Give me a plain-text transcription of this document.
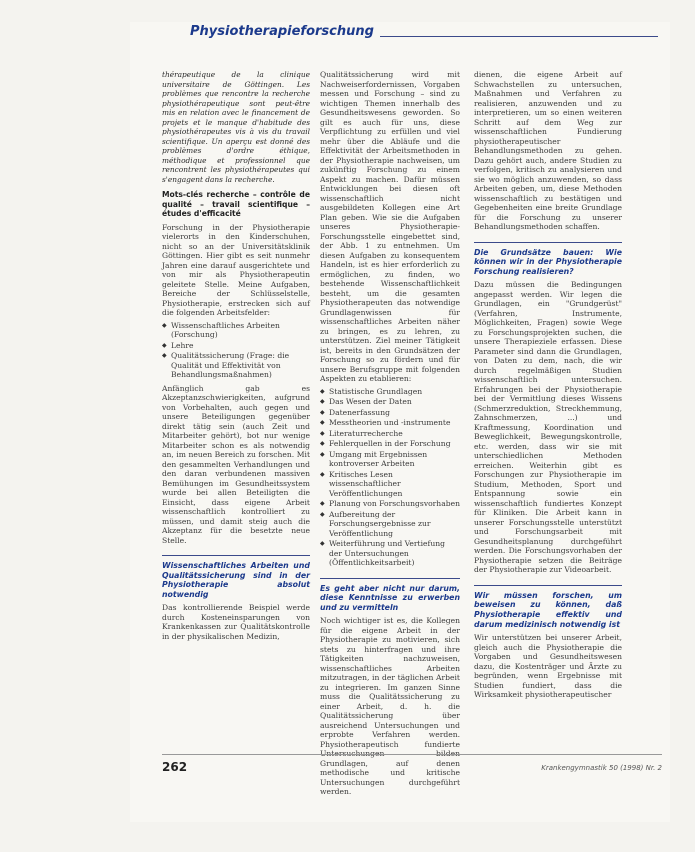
Physiotherapieforschung

thérapeutique de la clinique universitaire de Göttingen. Les problèmes que rencontre la recherche physiothérapeutique sont peut-être mis en relation avec le financement de projets et le manque d'habitude des physiothérapeutes vis à vis du travail scientifique. Un aperçu est donné des problèmes d'ordre éthique, méthodique et professionnel que rencontrent les physiothérapeutes qui s'engagent dans la recherche.

Mots-clés recherche – contrôle de qualité – travail scientifique – études d'efficacité

Forschung in der Physiotherapie vielerorts in den Kinderschuhen, nicht so an der Universitätsklinik Göttingen. Hier gibt es seit nunmehr Jahren eine darauf ausgerichtete und von mir als Physiotherapeutin geleitete Stelle. Meine Aufgaben, Bereiche der Schlüsselstelle, Physiotherapie, erstrecken sich auf die folgenden Arbeitsfelder:

◆ Wissenschaftliches Arbeiten (Forschung)
◆ Lehre
◆ Qualitätssicherung (Frage: die Qualität und Effektivität von Behandlungsmaßnahmen)

Anfänglich gab es Akzeptanzschwierigkeiten, aufgrund von Vorbehalten, auch gegen und unsere Beteiligungen gegenüber direkt tätig sein (auch Zeit und Mitarbeiter gehört), bot nur wenige Mitarbeiter schon es als notwendig an, im neuen Bereich zu forschen. Mit den gesammelten Verhandlungen und den daran verbundenen massiven Bemühungen im Gesundheitssystem wurde bei allen Beteiligten die Einsicht, dass eigene Arbeit wissenschaftlich kontrolliert zu müssen, und damit steig auch die Akzeptanz für die besetzte neue Stelle.

Wissenschaftliches Arbeiten und Qualitätssicherung sind in der Physiotherapie absolut notwendig

Das kontrollierende Beispiel werde durch Kosteneinsparungen von Krankenkassen zur Qualitätskontrolle in der physikalischen Medizin,

Qualitätssicherung wird mit Nachweiserfordernissen, Vorgaben messen und Forschung – sind zu wichtigen Themen innerhalb des Gesundheitswesens geworden. So gilt es auch für uns, diese Verpflichtung zu erfüllen und viel mehr über die Abläufe und die Effektivität der Arbeitsmethoden in der Physiotherapie nachweisen, um zukünftig Forschung zu einem Aspekt zu machen. Dafür müssen Entwicklungen bei diesen oft wissenschaftlich nicht ausgebildeten Kollegen eine Art Plan geben. Wie sie die Aufgaben unseres Physiotherapie-Forschungsstelle eingebettet sind, der Abb. 1 zu entnehmen. Um diesen Aufgaben zu konsequentem Handeln, ist es hier erforderlich zu ermöglichen, zu finden, wo bestehende Wissenschaftlichkeit besteht, um die gesamten Physiotherapeuten das notwendige Grundlagenwissen für wissenschaftliches Arbeiten näher zu bringen, es zu lehren, zu unterstützen. Ziel meiner Tätigkeit ist, bereits in den Grundsätzen der Forschung so zu fördern und für unsere Berufsgruppe mit folgenden Aspekten zu etablieren:

◆ Statistische Grundlagen
◆ Das Wesen der Daten
◆ Datenerfassung
◆ Messtheorien und -instrumente
◆ Literaturrecherche
◆ Fehlerquellen in der Forschung
◆ Umgang mit Ergebnissen kontroverser Arbeiten
◆ Kritisches Lesen wissenschaftlicher Veröffentlichungen
◆ Planung von Forschungsvorhaben
◆ Aufbereitung der Forschungsergebnisse zur Veröffentlichung
◆ Weiterführung und Vertiefung der Untersuchungen (Öffentlichkeitsarbeit)
Es geht aber nicht nur darum, diese Kenntnisse zu erwerben und zu vermitteln

Noch wichtiger ist es, die Kollegen für die eigene Arbeit in der Physiotherapie zu motivieren, sich stets zu hinterfragen und ihre Tätigkeiten nachzuweisen, wissenschaftliches Arbeiten mitzutragen, in der täglichen Arbeit zu integrieren. Im ganzen Sinne muss die Qualitätssicherung zu einer Arbeit, d. h. die Qualitätssicherung über ausreichend Untersuchungen und erprobte Verfahren werden. Physiotherapeutisch fundierte Untersuchungen bilden Grundlagen, auf denen methodische und kritische Untersuchungen durchgeführt werden.

dienen, die eigene Arbeit auf Schwachstellen zu untersuchen, Maßnahmen und Verfahren zu realisieren, anzuwenden und zu interpretieren, um so einen weiteren Schritt auf dem Weg zur wissenschaftlichen Fundierung physiotherapeutischer Behandlungsmethoden zu gehen. Dazu gehört auch, andere Studien zu verfolgen, kritisch zu analysieren und sie wo möglich anzuwenden, so dass Arbeiten geben, um, diese Methoden wissenschaftlich zu bestätigen und Gegebenheiten eine breite Grundlage für die Forschung zu unserer Behandlungsmethoden schaffen.

Die Grundsätze bauen: Wie können wir in der Physiotherapie Forschung realisieren?

Dazu müssen die Bedingungen angepasst werden. Wir legen die Grundlagen, ein "Grundgerüst" (Verfahren, Instrumente, Möglichkeiten, Fragen) sowie Wege zu Forschungsprojekten suchen, die unsere Therapieziele erfassen. Diese Parameter sind dann die Grundlagen, von Daten zu dem, nach, die wir durch regelmäßigen Studien wissenschaftlich untersuchen. Erfahrungen bei der Physiotherapie bei der Vermittlung dieses Wissens (Schmerzreduktion, Streckhemmung, Zahnschmerzen, ...) und Kraftmessung, Koordination und Beweglichkeit, Bewegungskontrolle, etc. werden, dass wir sie mit unterschiedlichen Methoden erreichen. Weiterhin gibt es Forschungen zur Physiotherapie im Studium, Methoden, Sport und Entspannung sowie ein wissenschaftlich fundiertes Konzept für Kliniken. Die Arbeit kann in unserer Forschungsstelle unterstützt und Forschungsarbeit mit Gesundheitsplanung durchgeführt werden. Die Forschungsvorhaben der Physiotherapie setzen die Beiträge der Physiotherapie zur Videoarbeit.

Wir müssen forschen, um beweisen zu können, daß Physiotherapie effektiv und darum medizinisch notwendig ist

Wir unterstützen bei unserer Arbeit, gleich auch die Physiotherapie die Vorgaben und Gesundheitswesen dazu, die Kostenträger und Ärzte zu begründen, wenn Ergebnisse mit Studien fundiert, dass die Wirksamkeit physiotherapeutischer

262	Krankengymnastik 50 (1998) Nr. 2
